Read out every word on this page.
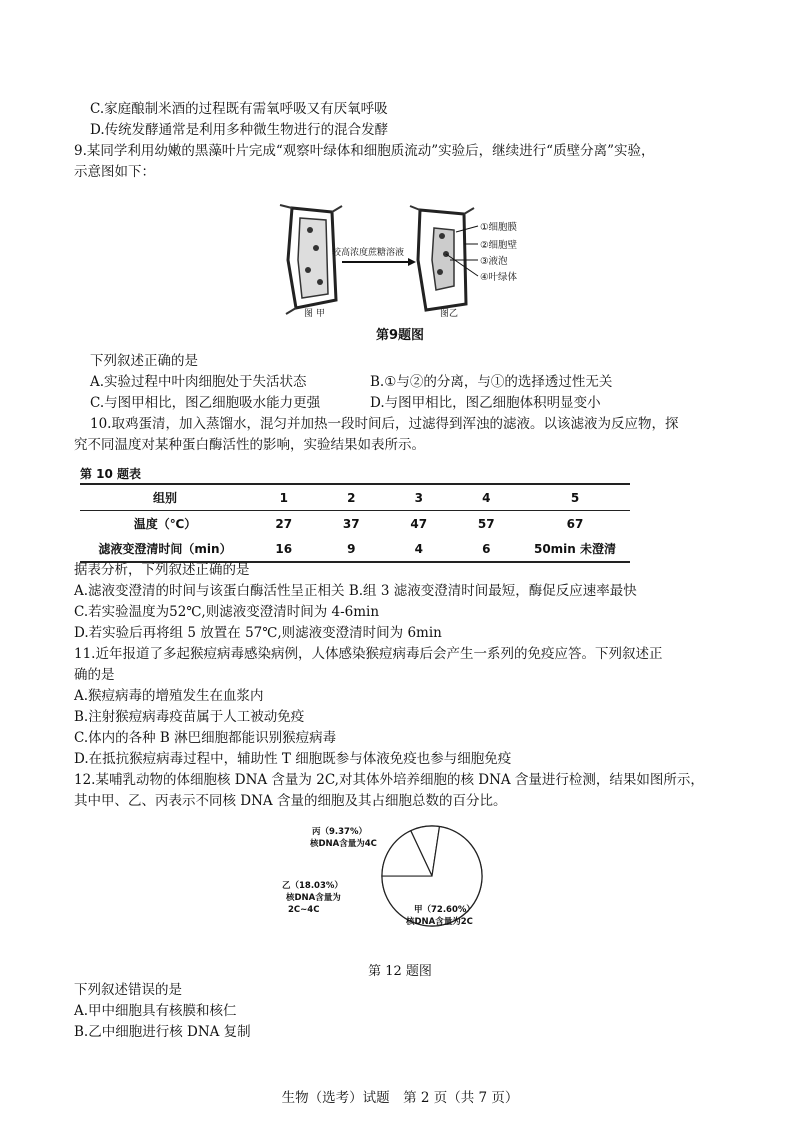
C.家庭酿制米酒的过程既有需氧呼吸又有厌氧呼吸
D.传统发酵通常是利用多种微生物进行的混合发酵
9.某同学利用幼嫩的黑藻叶片完成“观察叶绿体和细胞质流动”实验后，继续进行“质壁分离”实验，
示意图如下：
较高浓度蔗糖溶液
①细胞膜
②细胞壁
③液泡
④叶绿体
图 甲	图乙
第9题图
下列叙述正确的是
A.实验过程中叶肉细胞处于失活状态	B.①与②的分离，与①的选择透过性无关
C.与图甲相比，图乙细胞吸水能力更强	D.与图甲相比，图乙细胞体积明显变小
10.取鸡蛋清，加入蒸馏水，混匀并加热一段时间后，过滤得到浑浊的滤液。以该滤液为反应物，探
究不同温度对某种蛋白酶活性的影响，实验结果如表所示。
第 10 题表
组别	1	2	3	4	5
温度（℃）	27	37	47	57	67
滤液变澄清时间（min）	16	9	4	6	50min 未澄清
据表分析，下列叙述正确的是
A.滤液变澄清的时间与该蛋白酶活性呈正相关 B.组 3 滤液变澄清时间最短，酶促反应速率最快
C.若实验温度为52℃,则滤液变澄清时间为 4-6min
D.若实验后再将组 5 放置在 57℃,则滤液变澄清时间为 6min
11.近年报道了多起猴痘病毒感染病例，人体感染猴痘病毒后会产生一系列的免疫应答。下列叙述正
确的是
A.猴痘病毒的增殖发生在血浆内
B.注射猴痘病毒疫苗属于人工被动免疫
C.体内的各种 B 淋巴细胞都能识别猴痘病毒
D.在抵抗猴痘病毒过程中，辅助性 T 细胞既参与体液免疫也参与细胞免疫
12.某哺乳动物的体细胞核 DNA 含量为 2C,对其体外培养细胞的核 DNA 含量进行检测，结果如图所示，
其中甲、乙、丙表示不同核 DNA 含量的细胞及其占细胞总数的百分比。
丙（9.37%）
核DNA含量为4C
乙（18.03%）
核DNA含量为
2C~4C	甲（72.60%）
核DNA含量为2C
第 12 题图
下列叙述错误的是
A.甲中细胞具有核膜和核仁
B.乙中细胞进行核 DNA 复制
生物（选考）试题　第 2 页（共 7 页）
